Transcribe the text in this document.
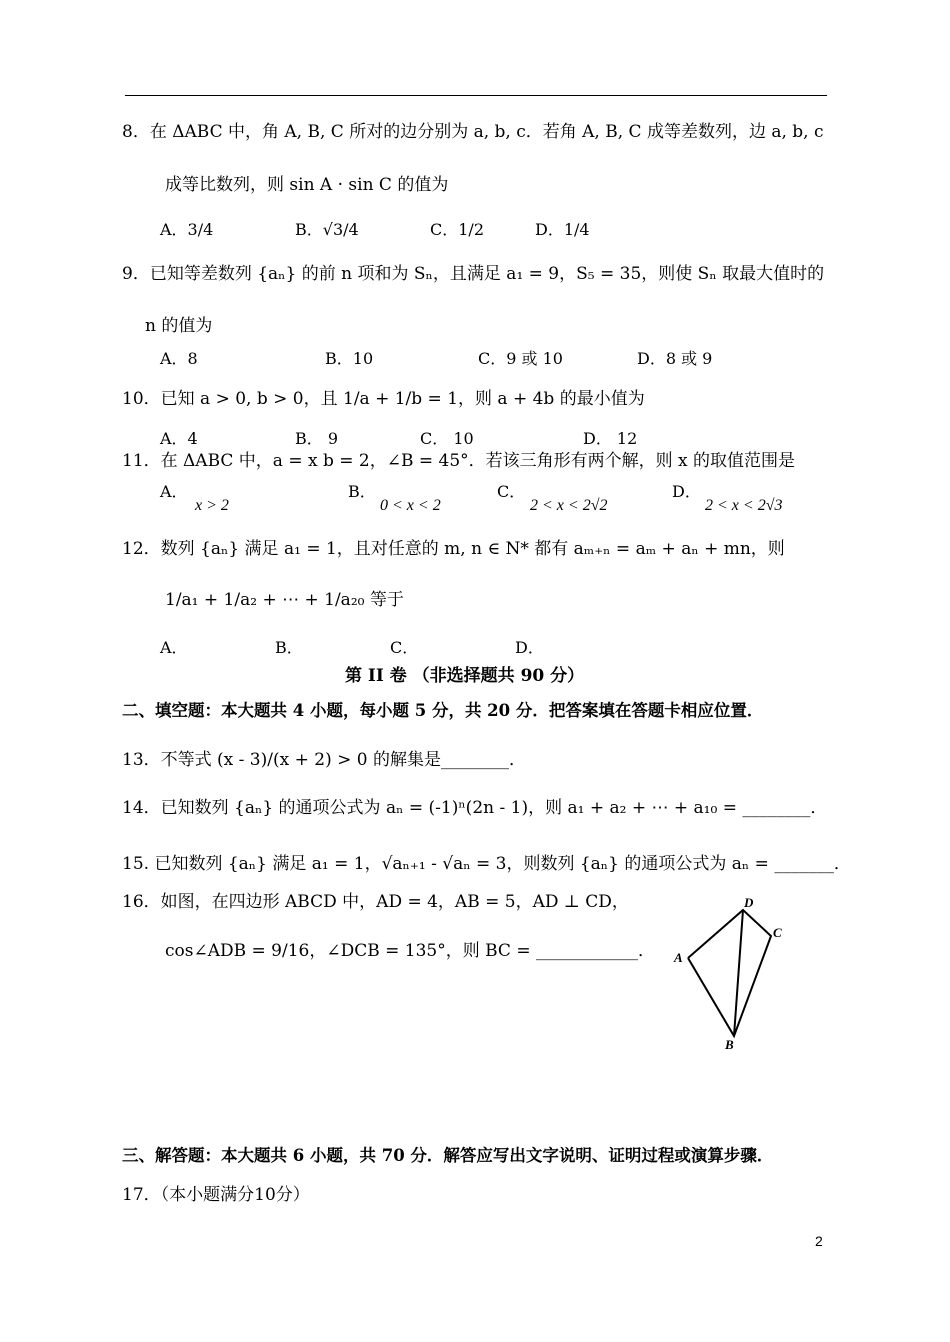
8．在 ΔABC 中，角 A, B, C 所对的边分别为 a, b, c．若角 A, B, C 成等差数列，边 a, b, c
成等比数列，则 sin A · sin C 的值为
A．3/4	B．√3/4	C．1/2	D．1/4
9．已知等差数列 {aₙ} 的前 n 项和为 Sₙ，且满足 a₁ = 9，S₅ = 35，则使 Sₙ 取最大值时的
n 的值为
A．8	B．10	C．9 或 10	D．8 或 9
10．已知 a > 0, b > 0，且 1/a + 1/b = 1，则 a + 4b 的最小值为
A．4	B． 9	C． 10	D． 12
11．在 ΔABC 中，a = x b = 2，∠B = 45°．若该三角形有两个解，则 x 的取值范围是
A．
x > 2
B．
0 < x < 2
C．
2 < x < 2√2
D．
2 < x < 2√3
12．数列 {aₙ} 满足 a₁ = 1，且对任意的 m, n ∈ N* 都有 aₘ₊ₙ = aₘ + aₙ + mn，则
1/a₁ + 1/a₂ + ⋯ + 1/a₂₀ 等于
A．	B．	C．	D．
第 II 卷 （非选择题共 90 分）
二、填空题：本大题共 4 小题，每小题 5 分，共 20 分．把答案填在答题卡相应位置．
13．不等式 (x - 3)/(x + 2) > 0 的解集是________．
14．已知数列 {aₙ} 的通项公式为 aₙ = (-1)ⁿ(2n - 1)，则 a₁ + a₂ + ⋯ + a₁₀ = ________．
15. 已知数列 {aₙ} 满足 a₁ = 1，√aₙ₊₁ - √aₙ = 3，则数列 {aₙ} 的通项公式为 aₙ = _______．
16．如图，在四边形 ABCD 中，AD = 4，AB = 5，AD ⊥ CD，
cos∠ADB = 9/16，∠DCB = 135°，则 BC = ____________．
D
C
A
B
三、解答题：本大题共 6 小题，共 70 分．解答应写出文字说明、证明过程或演算步骤．
17．（本小题满分10分）
2
